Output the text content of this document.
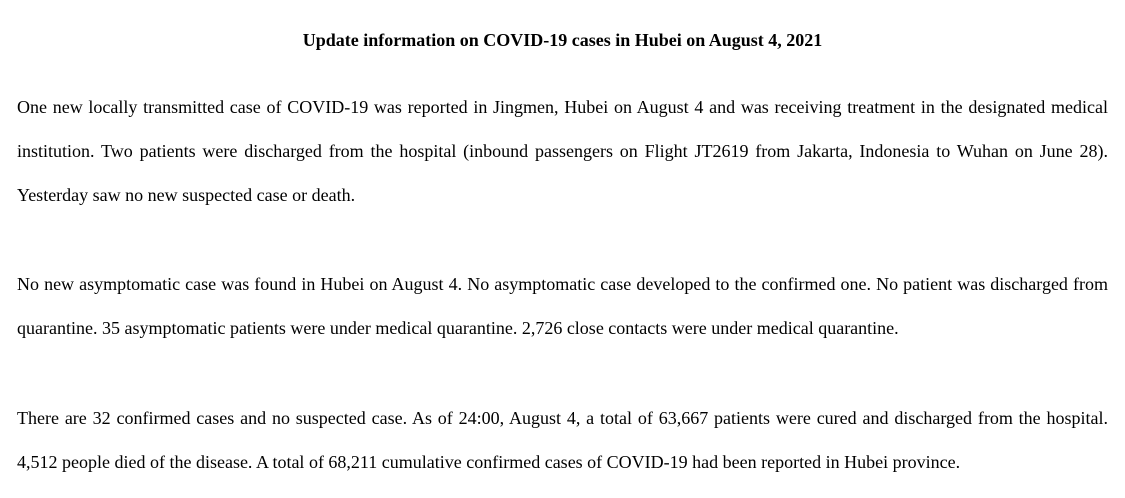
Update information on COVID-19 cases in Hubei on August 4, 2021

One new locally transmitted case of COVID-19 was reported in Jingmen, Hubei on August 4 and was receiving treatment in the designated medical institution. Two patients were discharged from the hospital (inbound passengers on Flight JT2619 from Jakarta, Indonesia to Wuhan on June 28). Yesterday saw no new suspected case or death.

No new asymptomatic case was found in Hubei on August 4. No asymptomatic case developed to the confirmed one. No patient was discharged from quarantine. 35 asymptomatic patients were under medical quarantine. 2,726 close contacts were under medical quarantine.

There are 32 confirmed cases and no suspected case. As of 24:00, August 4, a total of 63,667 patients were cured and discharged from the hospital. 4,512 people died of the disease. A total of 68,211 cumulative confirmed cases of COVID-19 had been reported in Hubei province.
